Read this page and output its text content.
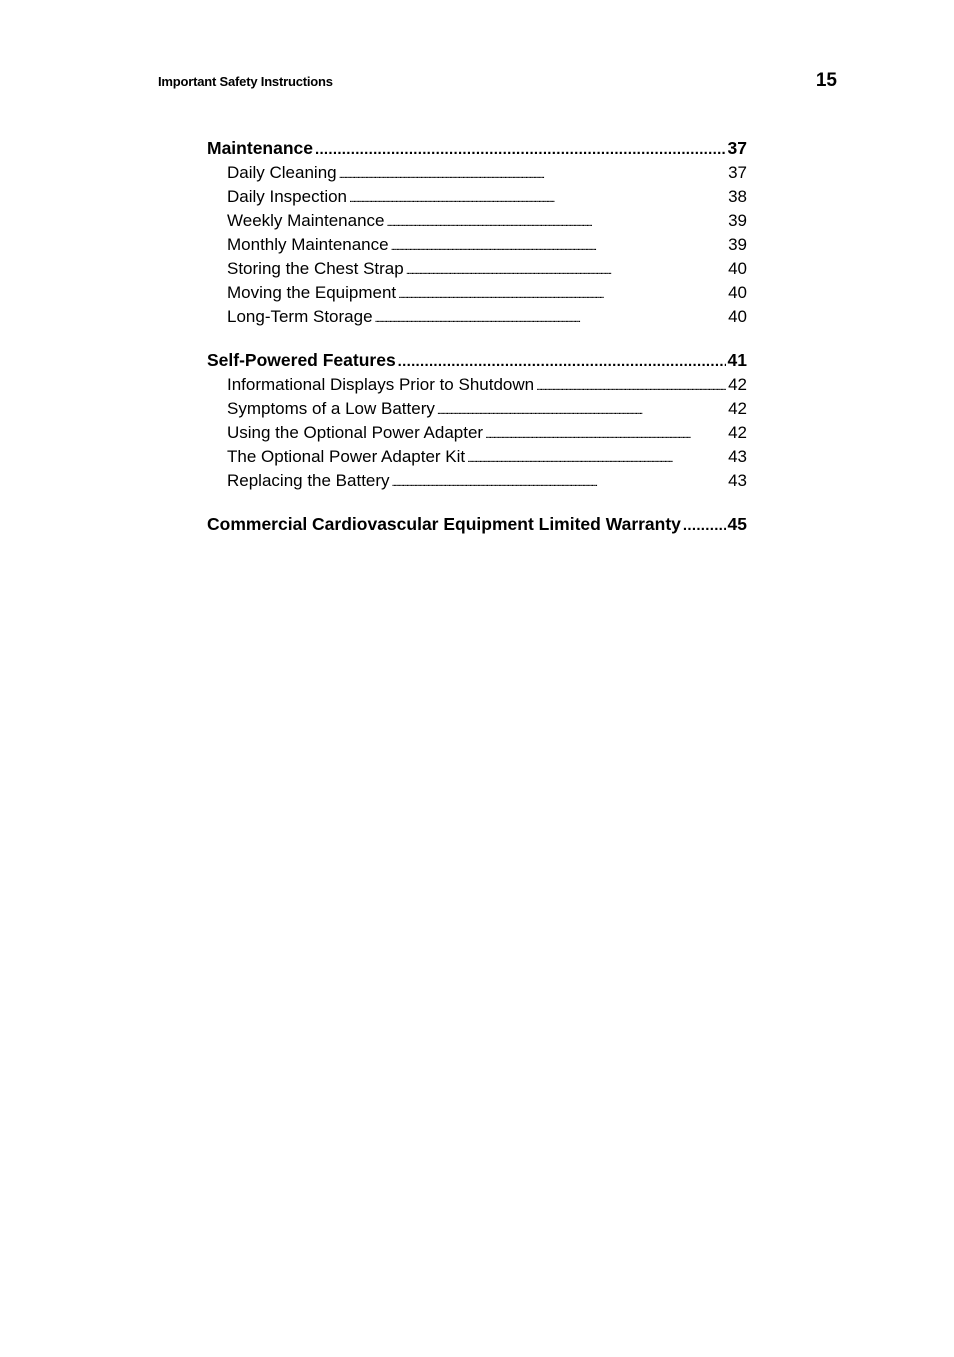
Important Safety Instructions	15
Maintenance .....	37
Daily Cleaning . . .	37
Daily Inspection . . .	38
Weekly Maintenance . . .	39
Monthly Maintenance . . .	39
Storing the Chest Strap . . .	40
Moving the Equipment . . .	40
Long-Term Storage . . .	40
Self-Powered Features .....	41
Informational Displays Prior to Shutdown . . .	42
Symptoms of a Low Battery . . .	42
Using the Optional Power Adapter . . .	42
The Optional Power Adapter Kit . . .	43
Replacing the Battery . . .	43
Commercial Cardiovascular Equipment Limited Warranty .....	45
